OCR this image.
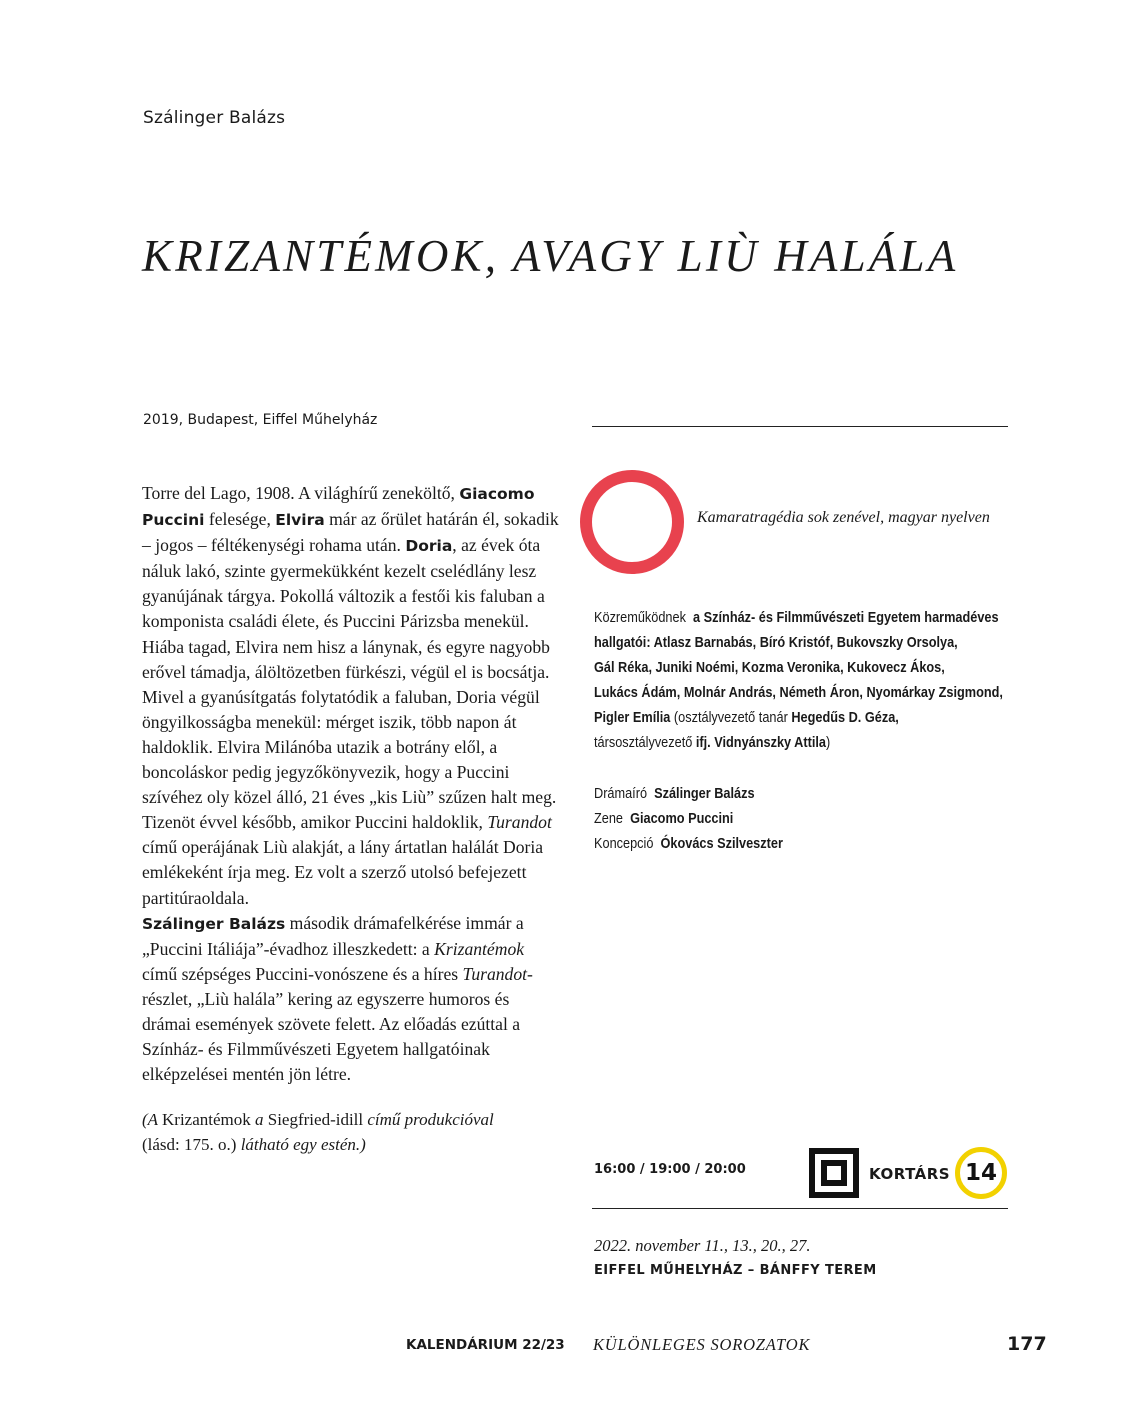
Szálinger Balázs
KRIZANTÉMOK, AVAGY LIÙ HALÁLA
2019, Budapest, Eiffel Műhelyház

Torre del Lago, 1908. A világhírű zeneköltő, Giacomo Puccini felesége, Elvira már az őrület határán él, sokadik – jogos – féltékenységi rohama után. Doria, az évek óta náluk lakó, szinte gyermekükként kezelt cselédlány lesz gyanújának tárgya. Pokollá változik a festői kis faluban a komponista családi élete, és Puccini Párizsba menekül. Hiába tagad, Elvira nem hisz a lánynak, és egyre nagyobb erővel támadja, álöltözetben fürkészi, végül el is bocsátja. Mivel a gyanúsítgatás folytatódik a faluban, Doria végül öngyilkosságba menekül: mérget iszik, több napon át haldoklik. Elvira Milánóba utazik a botrány elől, a boncoláskor pedig jegyzőkönyvezik, hogy a Puccini szívéhez oly közel álló, 21 éves „kis Liù” szűzen halt meg. Tizenöt évvel később, amikor Puccini haldoklik, Turandot című operájának Liù alakját, a lány ártatlan halálát Doria emlékeként írja meg. Ez volt a szerző utolsó befejezett partitúraoldala.

Szálinger Balázs második drámafelkérése immár a „Puccini Itáliája”-évadhoz illeszkedett: a Krizantémok című szépséges Puccini-vonószene és a híres Turandot-részlet, „Liù halála” kering az egyszerre humoros és drámai események szövete felett. Az előadás ezúttal a Színház- és Filmművészeti Egyetem hallgatóinak elképzelései mentén jön létre.

(A Krizantémok a Siegfried-idill című produkcióval
(lásd: 175. o.) látható egy estén.)
Kamaratragédia sok zenével, magyar nyelven
Közreműködnek a Színház- és Filmművészeti Egyetem harmadéves
hallgatói: Atlasz Barnabás, Bíró Kristóf, Bukovszky Orsolya,
Gál Réka, Juniki Noémi, Kozma Veronika, Kukovecz Ákos,
Lukács Ádám, Molnár András, Németh Áron, Nyomárkay Zsigmond,
Pigler Emília (osztályvezető tanár Hegedűs D. Géza,
társosztályvezető ifj. Vidnyánszky Attila)
Drámaíró Szálinger Balázs
Zene Giacomo Puccini
Koncepció Ókovács Szilveszter
16:00 / 19:00 / 20:00	KORTÁRS 14
2022. november 11., 13., 20., 27.
EIFFEL MŰHELYHÁZ – BÁNFFY TEREM
KALENDÁRIUM 22/23 KÜLÖNLEGES SOROZATOK	177
